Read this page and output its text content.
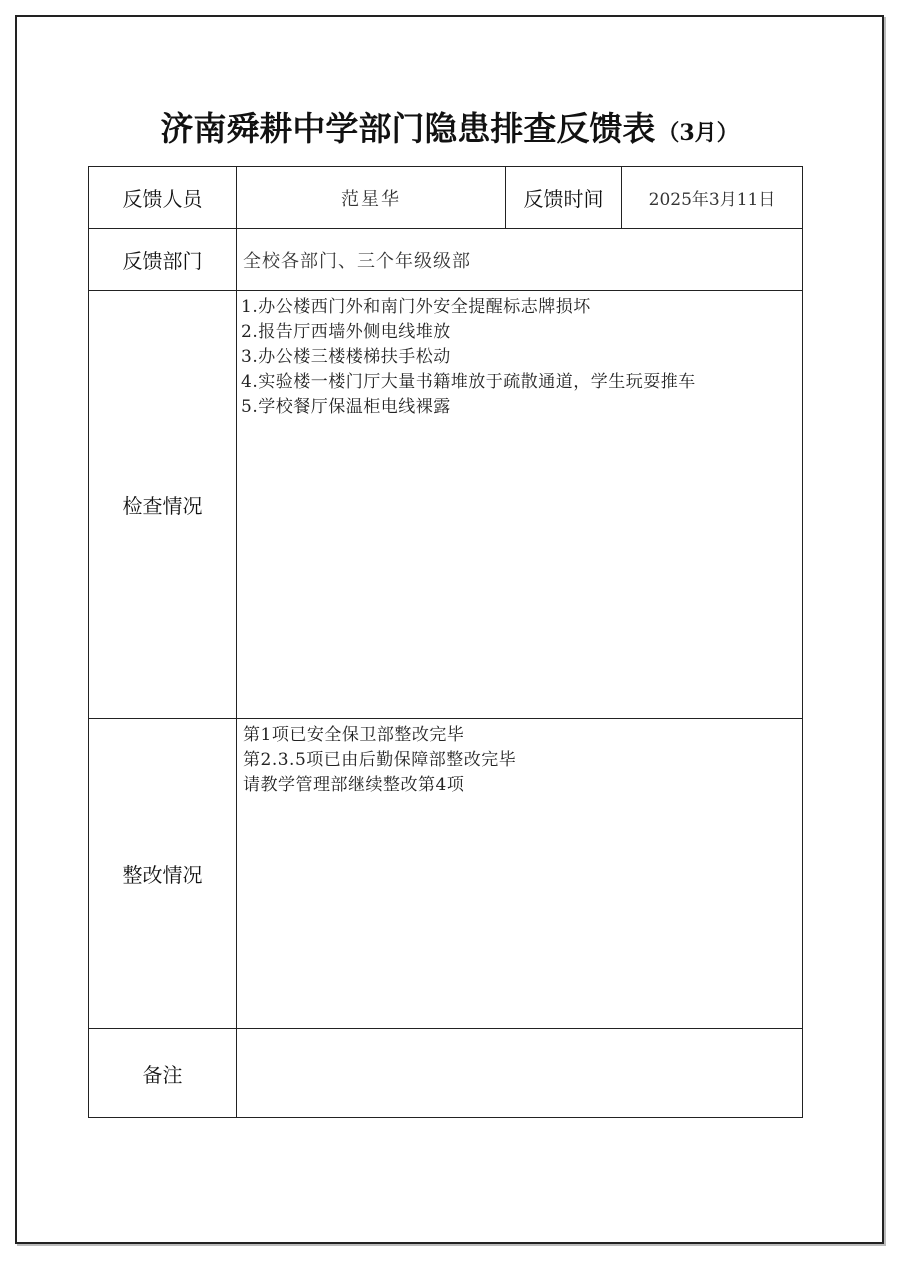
济南舜耕中学部门隐患排查反馈表（3月）
反馈人员	范星华	反馈时间	2025年3月11日
反馈部门	全校各部门、三个年级级部		
检查情况	1.办公楼西门外和南门外安全提醒标志牌损坏
2.报告厅西墙外侧电线堆放
3.办公楼三楼楼梯扶手松动
4.实验楼一楼门厅大量书籍堆放于疏散通道，学生玩耍推车
5.学校餐厅保温柜电线裸露		

整改情况	第1项已安全保卫部整改完毕
第2.3.5项已由后勤保障部整改完毕
请教学管理部继续整改第4项		

备注			
